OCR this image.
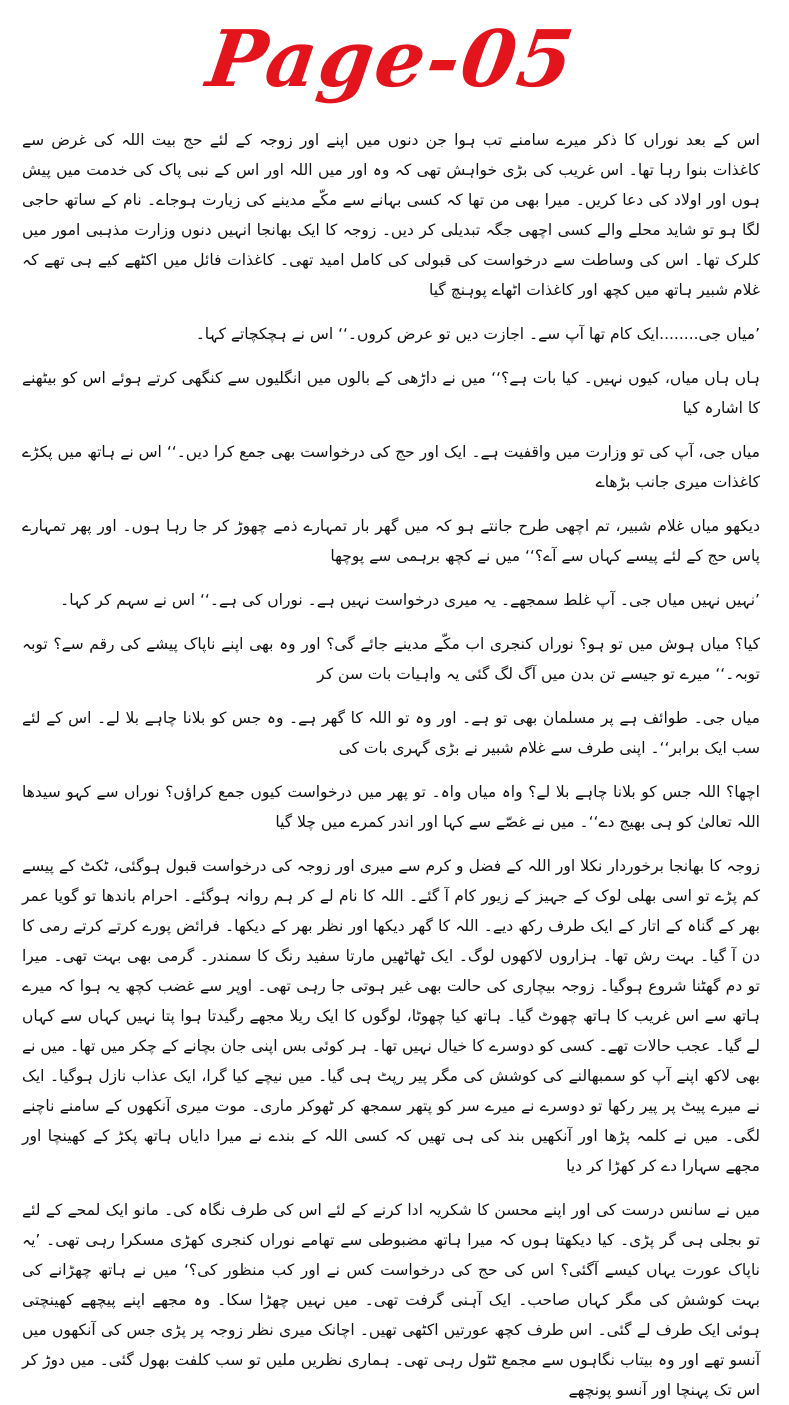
Page-05

اس کے بعد نوراں کا ذکر میرے سامنے تب ہوا جن دنوں میں اپنے اور زوجہ کے لئے حج بیت اللہ کی غرض سے کاغذات بنوا رہا تھا۔ اس غریب کی بڑی خواہش تھی کہ وہ اور میں اللہ اور اس کے نبی پاک کی خدمت میں پیش ہوں اور اولاد کی دعا کریں۔ میرا بھی من تھا کہ کسی بہانے سے مکّے مدینے کی زیارت ہوجاے۔ نام کے ساتھ حاجی لگا ہو تو شاید محلے والے کسی اچھی جگہ تبدیلی کر دیں۔ زوجہ کا ایک بھانجا انہیں دنوں وزارت مذہبی امور میں کلرک تھا۔ اس کی وساطت سے درخواست کی قبولی کی کامل امید تھی۔ کاغذات فائل میں اکٹھے کیے ہی تھے کہ غلام شبیر ہاتھ میں کچھ اور کاغذات اٹھاے پوہنچ گیا

’میاں جی........ایک کام تھا آپ سے۔ اجازت دیں تو عرض کروں۔‘‘ اس نے ہچکچاتے کہا۔

ہاں ہاں میاں، کیوں نہیں۔ کیا بات ہے؟‘‘ میں نے داڑھی کے بالوں میں انگلیوں سے کنگھی کرتے ہوئے اس کو بیٹھنے کا اشارہ کیا

میاں جی، آپ کی تو وزارت میں واقفیت ہے۔ ایک اور حج کی درخواست بھی جمع کرا دیں۔‘‘ اس نے ہاتھ میں پکڑے کاغذات میری جانب بڑھاے

دیکھو میاں غلام شبیر، تم اچھی طرح جانتے ہو کہ میں گھر بار تمہارے ذمے چھوڑ کر جا رہا ہوں۔ اور پھر تمہارے پاس حج کے لئے پیسے کہاں سے آے؟‘‘ میں نے کچھ برہمی سے پوچھا

’نہیں نہیں میاں جی۔ آپ غلط سمجھے۔ یہ میری درخواست نہیں ہے۔ نوراں کی ہے۔‘‘ اس نے سہم کر کہا۔

کیا؟ میاں ہوش میں تو ہو؟ نوراں کنجری اب مکّے مدینے جائے گی؟ اور وہ بھی اپنے ناپاک پیشے کی رقم سے؟ توبہ توبہ۔‘‘ میرے تو جیسے تن بدن میں آگ لگ گئی یہ واہیات بات سن کر

میاں جی۔ طوائف ہے پر مسلمان بھی تو ہے۔ اور وہ تو اللہ کا گھر ہے۔ وہ جس کو بلانا چاہے بلا لے۔ اس کے لئے سب ایک برابر‘‘۔ اپنی طرف سے غلام شبیر نے بڑی گہری بات کی

اچھا؟ اللہ جس کو بلانا چاہے بلا لے؟ واہ میاں واہ۔ تو پھر میں درخواست کیوں جمع کراؤں؟ نوراں سے کہو سیدھا اللہ تعالیٰ کو ہی بھیج دے‘‘۔ میں نے غصّے سے کہا اور اندر کمرے میں چلا گیا

زوجہ کا بھانجا برخوردار نکلا اور اللہ کے فضل و کرم سے میری اور زوجہ کی درخواست قبول ہوگئی، ٹکٹ کے پیسے کم پڑے تو اسی بھلی لوک کے جہیز کے زیور کام آ گئے۔ اللہ کا نام لے کر ہم روانہ ہوگئے۔ احرام باندھا تو گویا عمر بھر کے گناہ کے اتار کے ایک طرف رکھ دیے۔ اللہ کا گھر دیکھا اور نظر بھر کے دیکھا۔ فرائض پورے کرتے کرتے رمی کا دن آ گیا۔ بہت رش تھا۔ ہزاروں لاکھوں لوگ۔ ایک ٹھاٹھیں مارتا سفید رنگ کا سمندر۔ گرمی بھی بہت تھی۔ میرا تو دم گھٹنا شروع ہوگیا۔ زوجہ بیچاری کی حالت بھی غیر ہوتی جا رہی تھی۔ اوپر سے غضب کچھ یہ ہوا کہ میرے ہاتھ سے اس غریب کا ہاتھ چھوٹ گیا۔ ہاتھ کیا چھوٹا، لوگوں کا ایک ریلا مجھے رگیدتا ہوا پتا نہیں کہاں سے کہاں لے گیا۔ عجب حالات تھے۔ کسی کو دوسرے کا خیال نہیں تھا۔ ہر کوئی بس اپنی جان بچانے کے چکر میں تھا۔ میں نے بھی لاکھ اپنے آپ کو سمبھالنے کی کوشش کی مگر پیر رپٹ ہی گیا۔ میں نیچے کیا گرا، ایک عذاب نازل ہوگیا۔ ایک نے میرے پیٹ پر پیر رکھا تو دوسرے نے میرے سر کو پتھر سمجھ کر ٹھوکر ماری۔ موت میری آنکھوں کے سامنے ناچنے لگی۔ میں نے کلمہ پڑھا اور آنکھیں بند کی ہی تھیں کہ کسی اللہ کے بندے نے میرا دایاں ہاتھ پکڑ کے کھینچا اور مجھے سہارا دے کر کھڑا کر دیا

میں نے سانس درست کی اور اپنے محسن کا شکریہ ادا کرنے کے لئے اس کی طرف نگاہ کی۔ مانو ایک لمحے کے لئے تو بجلی ہی گر پڑی۔ کیا دیکھتا ہوں کہ میرا ہاتھ مضبوطی سے تھامے نوراں کنجری کھڑی مسکرا رہی تھی۔ ’یہ ناپاک عورت یہاں کیسے آگئی؟ اس کی حج کی درخواست کس نے اور کب منظور کی؟‘ میں نے ہاتھ چھڑانے کی بہت کوشش کی مگر کہاں صاحب۔ ایک آہنی گرفت تھی۔ میں نہیں چھڑا سکا۔ وہ مجھے اپنے پیچھے کھینچتی ہوئی ایک طرف لے گئی۔ اس طرف کچھ عورتیں اکٹھی تھیں۔ اچانک میری نظر زوجہ پر پڑی جس کی آنکھوں میں آنسو تھے اور وہ بیتاب نگاہوں سے مجمع ٹٹول رہی تھی۔ ہماری نظریں ملیں تو سب کلفت بھول گئی۔ میں دوڑ کر اس تک پہنچا اور آنسو پونچھے
